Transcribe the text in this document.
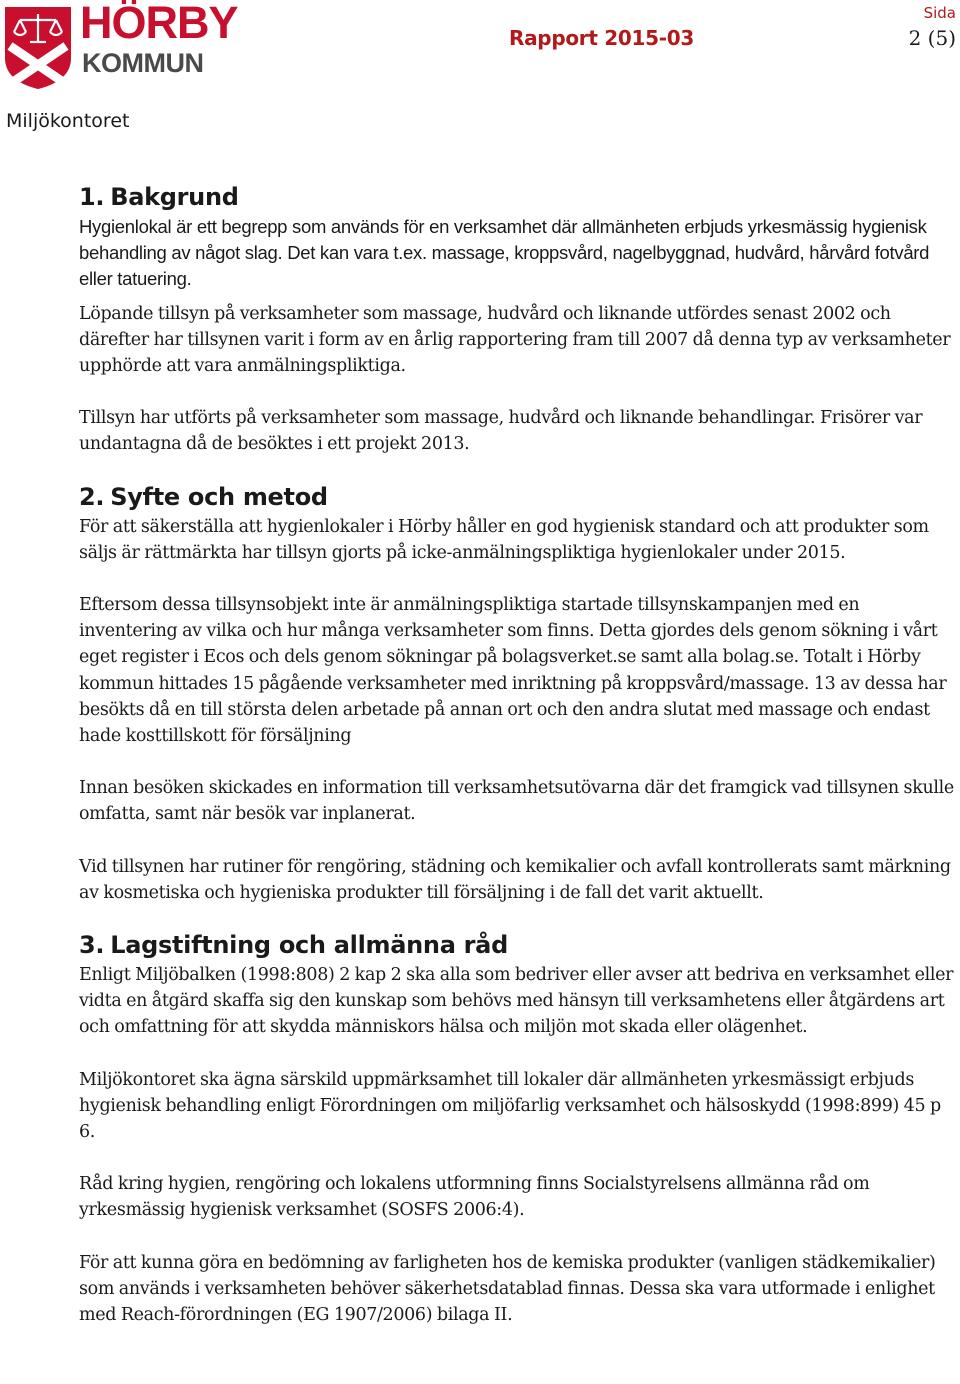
HÖRBY
KOMMUN
Rapport 2015-03
Sida
2 (5)
Miljökontoret
1. Bakgrund

Hygienlokal är ett begrepp som används för en verksamhet där allmänheten erbjuds yrkesmässig hygienisk behandling av något slag. Det kan vara t.ex. massage, kroppsvård, nagelbyggnad, hudvård, hårvård fotvård eller tatuering.

Löpande tillsyn på verksamheter som massage, hudvård och liknande utfördes senast 2002 och därefter har tillsynen varit i form av en årlig rapportering fram till 2007 då denna typ av verksamheter upphörde att vara anmälningspliktiga.

Tillsyn har utförts på verksamheter som massage, hudvård och liknande behandlingar. Frisörer var undantagna då de besöktes i ett projekt 2013.

2. Syfte och metod

För att säkerställa att hygienlokaler i Hörby håller en god hygienisk standard och att produkter som säljs är rättmärkta har tillsyn gjorts på icke-anmälningspliktiga hygienlokaler under 2015.

Eftersom dessa tillsynsobjekt inte är anmälningspliktiga startade tillsynskampanjen med en inventering av vilka och hur många verksamheter som finns. Detta gjordes dels genom sökning i vårt eget register i Ecos och dels genom sökningar på bolagsverket.se samt alla bolag.se. Totalt i Hörby kommun hittades 15 pågående verksamheter med inriktning på kroppsvård/massage. 13 av dessa har besökts då en till största delen arbetade på annan ort och den andra slutat med massage och endast hade kosttillskott för försäljning

Innan besöken skickades en information till verksamhetsutövarna där det framgick vad tillsynen skulle omfatta, samt när besök var inplanerat.

Vid tillsynen har rutiner för rengöring, städning och kemikalier och avfall kontrollerats samt märkning av kosmetiska och hygieniska produkter till försäljning i de fall det varit aktuellt.

3. Lagstiftning och allmänna råd

Enligt Miljöbalken (1998:808) 2 kap 2 ska alla som bedriver eller avser att bedriva en verksamhet eller vidta en åtgärd skaffa sig den kunskap som behövs med hänsyn till verksamhetens eller åtgärdens art och omfattning för att skydda människors hälsa och miljön mot skada eller olägenhet.

Miljökontoret ska ägna särskild uppmärksamhet till lokaler där allmänheten yrkesmässigt erbjuds hygienisk behandling enligt Förordningen om miljöfarlig verksamhet och hälsoskydd (1998:899) 45 p 6.

Råd kring hygien, rengöring och lokalens utformning finns Socialstyrelsens allmänna råd om yrkesmässig hygienisk verksamhet (SOSFS 2006:4).

För att kunna göra en bedömning av farligheten hos de kemiska produkter (vanligen städkemikalier) som används i verksamheten behöver säkerhetsdatablad finnas. Dessa ska vara utformade i enlighet med Reach-förordningen (EG 1907/2006) bilaga II.
